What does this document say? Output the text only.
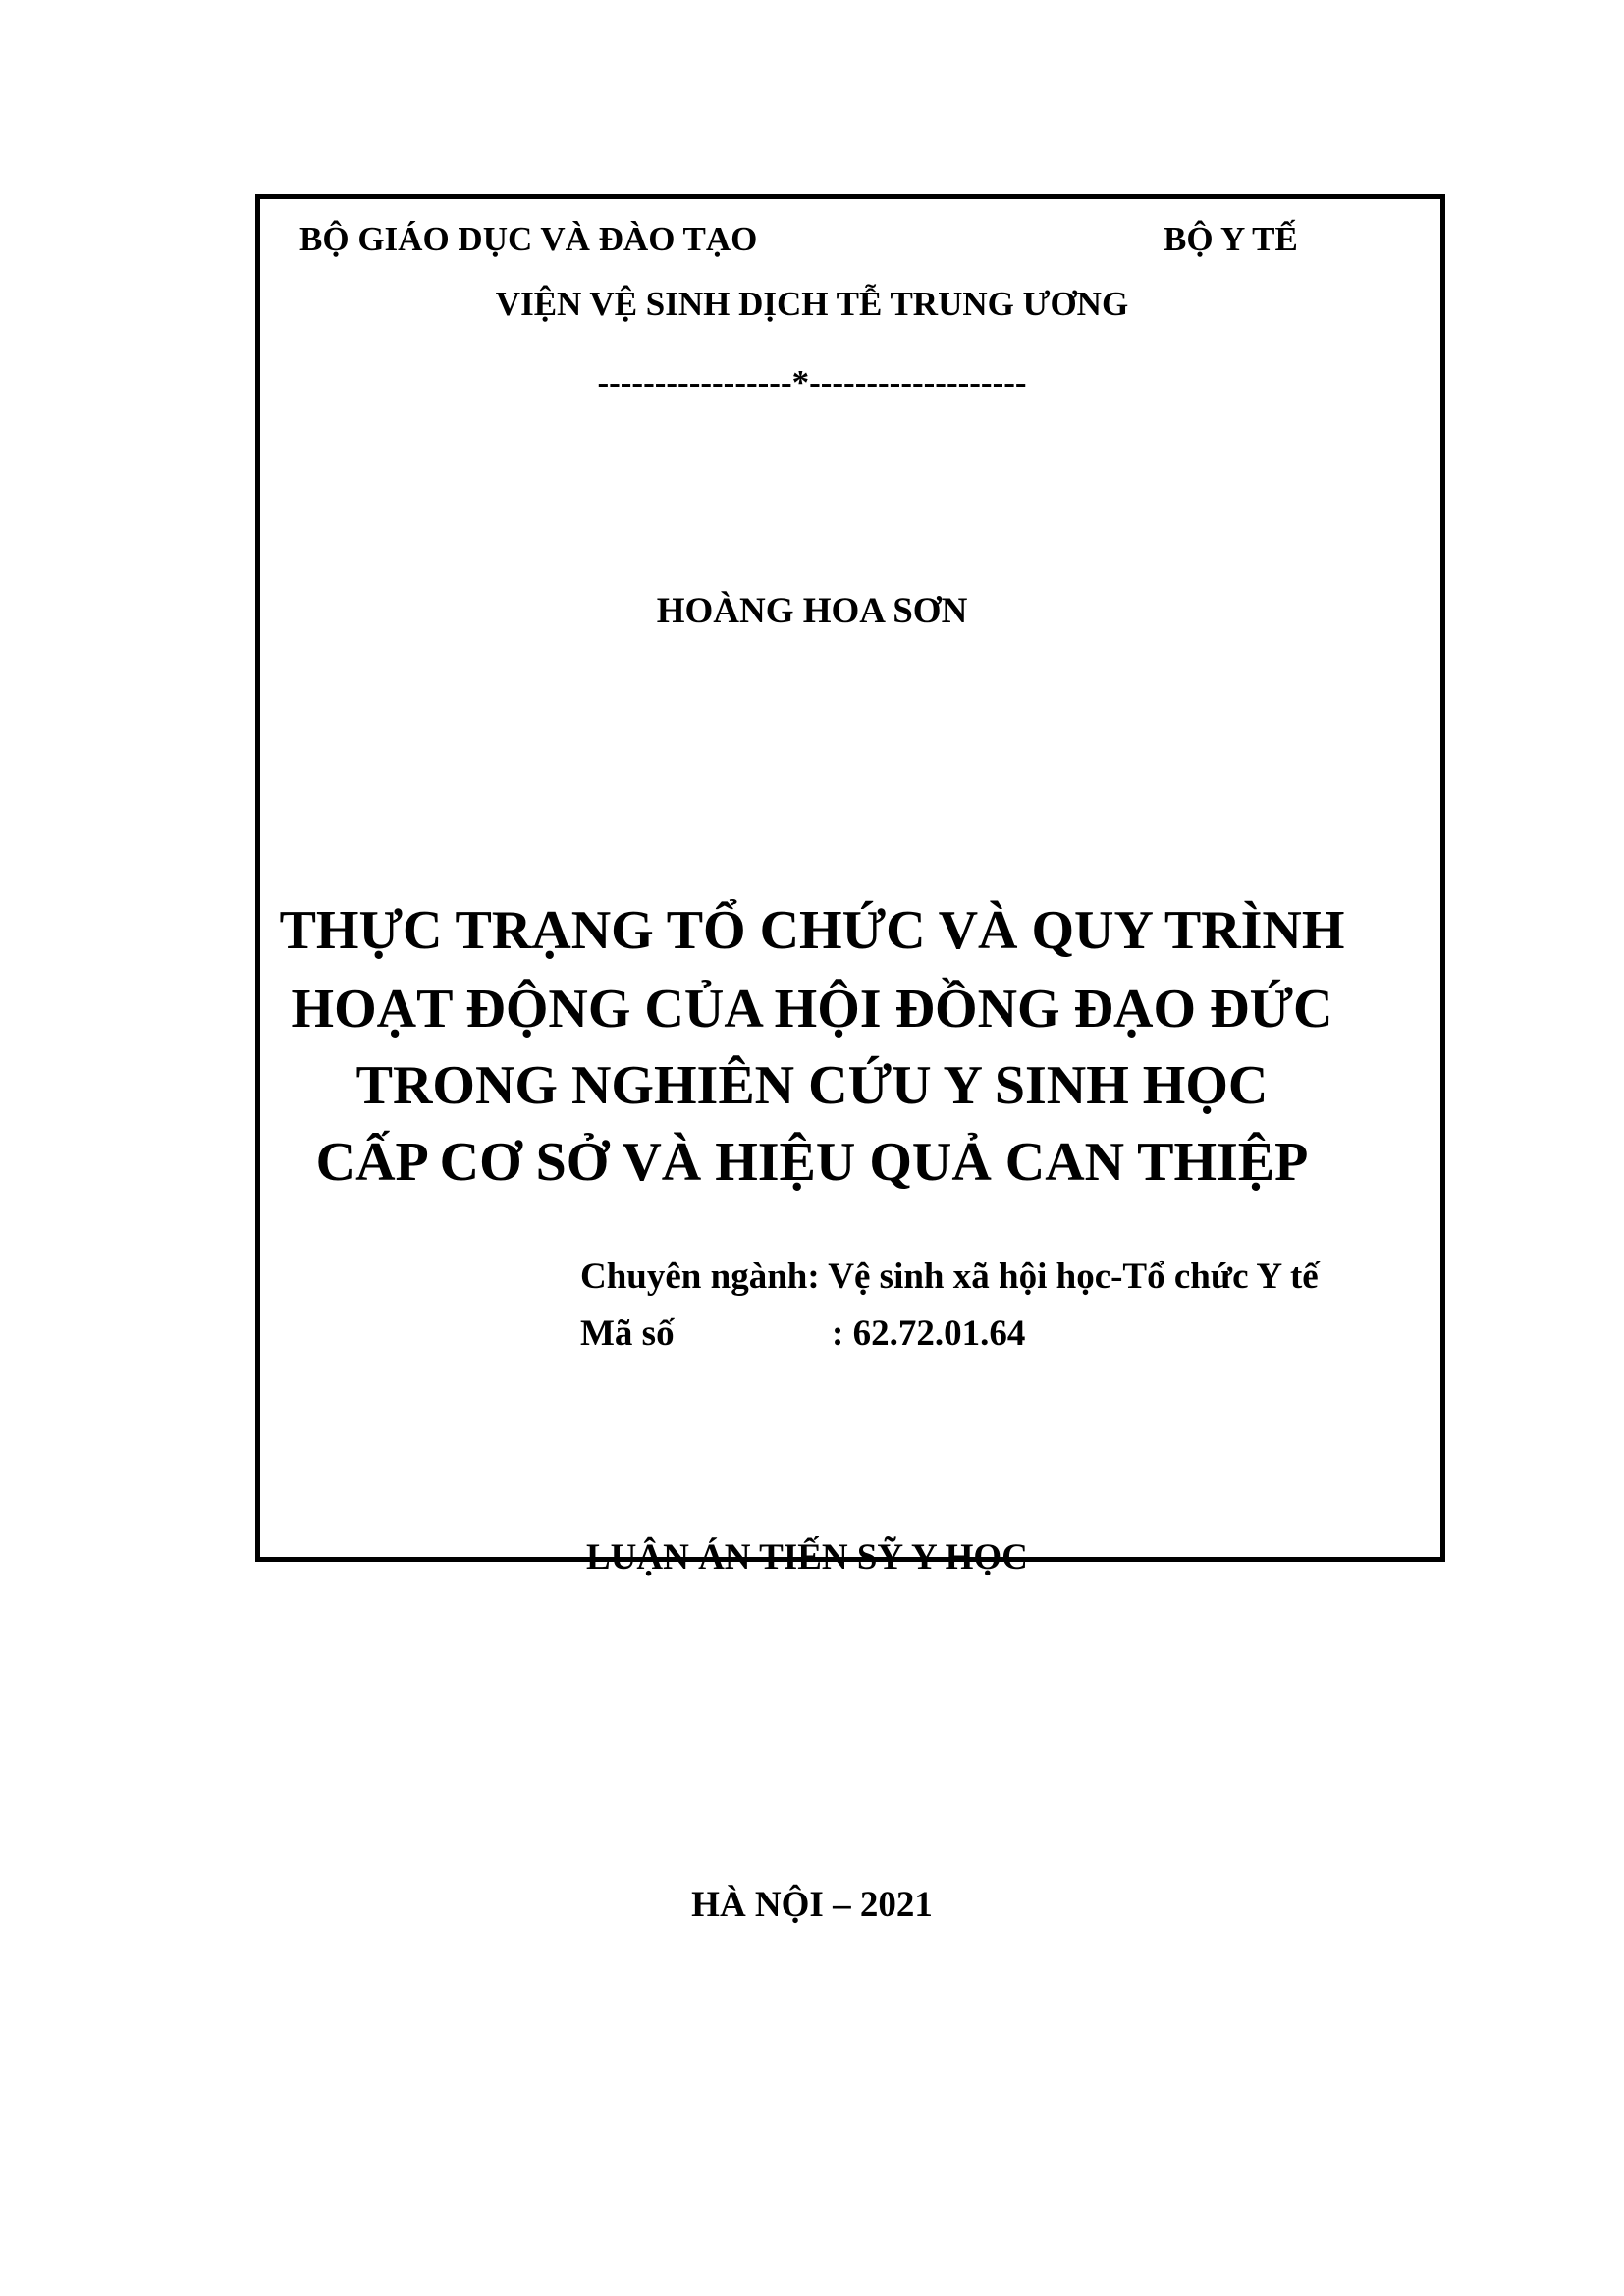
BỘ GIÁO DỤC VÀ ĐÀO TẠO	BỘ Y TẾ
VIỆN VỆ SINH DỊCH TỄ TRUNG ƯƠNG
-----------------*-------------------
HOÀNG HOA SƠN
THỰC TRẠNG TỔ CHỨC VÀ QUY TRÌNH
HOẠT ĐỘNG CỦA HỘI ĐỒNG ĐẠO ĐỨC
TRONG NGHIÊN CỨU Y SINH HỌC
CẤP CƠ SỞ VÀ HIỆU QUẢ CAN THIỆP
Chuyên ngành: Vệ sinh xã hội học-Tổ chức Y tế
Mã số	: 62.72.01.64
LUẬN ÁN TIẾN SỸ Y HỌC
HÀ NỘI – 2021
